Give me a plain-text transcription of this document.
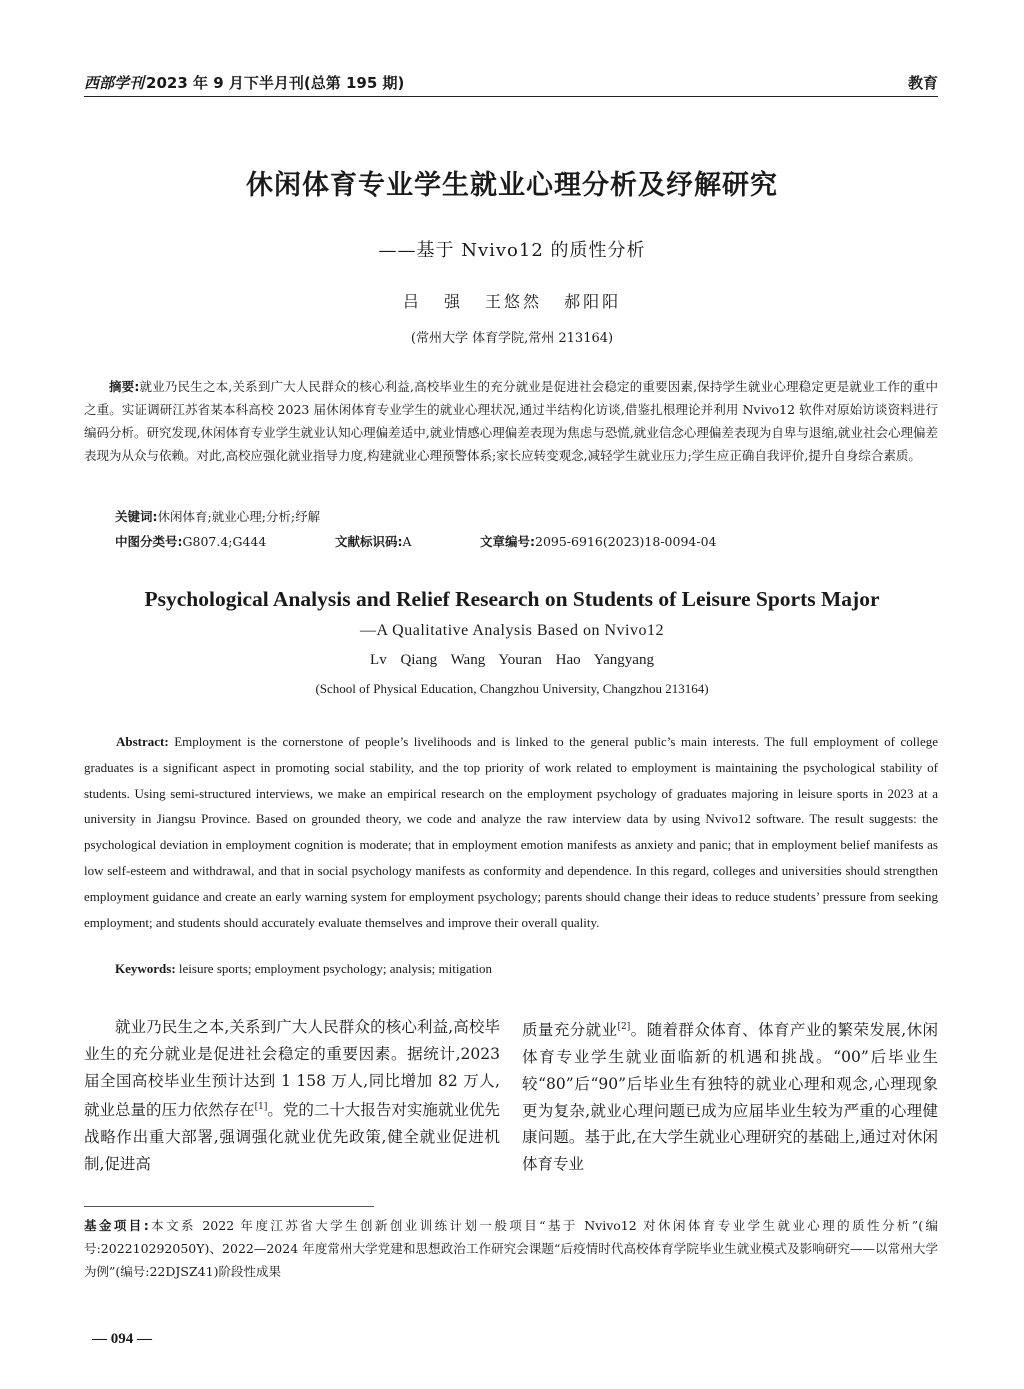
西部学刊 2023 年 9 月下半月刊(总第 195 期)	教育
休闲体育专业学生就业心理分析及纾解研究
——基于 Nvivo12 的质性分析
吕 强 王悠然 郝阳阳
(常州大学 体育学院,常州 213164)
摘要:就业乃民生之本,关系到广大人民群众的核心利益,高校毕业生的充分就业是促进社会稳定的重要因素,保持学生就业心理稳定更是就业工作的重中之重。实证调研江苏省某本科高校 2023 届休闲体育专业学生的就业心理状况,通过半结构化访谈,借鉴扎根理论并利用 Nvivo12 软件对原始访谈资料进行编码分析。研究发现,休闲体育专业学生就业认知心理偏差适中,就业情感心理偏差表现为焦虑与恐慌,就业信念心理偏差表现为自卑与退缩,就业社会心理偏差表现为从众与依赖。对此,高校应强化就业指导力度,构建就业心理预警体系;家长应转变观念,减轻学生就业压力;学生应正确自我评价,提升自身综合素质。
关键词:休闲体育;就业心理;分析;纾解
中图分类号:G807.4;G444	文献标识码:A	文章编号:2095-6916(2023)18-0094-04
Psychological Analysis and Relief Research on Students of Leisure Sports Major
—A Qualitative Analysis Based on Nvivo12
Lv Qiang Wang Youran Hao Yangyang
(School of Physical Education, Changzhou University, Changzhou 213164)
Abstract: Employment is the cornerstone of people’s livelihoods and is linked to the general public’s main interests. The full employment of college graduates is a significant aspect in promoting social stability, and the top priority of work related to employment is maintaining the psychological stability of students. Using semi-structured interviews, we make an empirical research on the employment psychology of graduates majoring in leisure sports in 2023 at a university in Jiangsu Province. Based on grounded theory, we code and analyze the raw interview data by using Nvivo12 software. The result suggests: the psychological deviation in employment cognition is moderate; that in employment emotion manifests as anxiety and panic; that in employment belief manifests as low self-esteem and withdrawal, and that in social psychology manifests as conformity and dependence. In this regard, colleges and universities should strengthen employment guidance and create an early warning system for employment psychology; parents should change their ideas to reduce students’ pressure from seeking employment; and students should accurately evaluate themselves and improve their overall quality.
Keywords: leisure sports; employment psychology; analysis; mitigation
就业乃民生之本,关系到广大人民群众的核心利益,高校毕业生的充分就业是促进社会稳定的重要因素。据统计,2023 届全国高校毕业生预计达到 1 158 万人,同比增加 82 万人,就业总量的压力依然存在[1]。党的二十大报告对实施就业优先战略作出重大部署,强调强化就业优先政策,健全就业促进机制,促进高
质量充分就业[2]。随着群众体育、体育产业的繁荣发展,休闲体育专业学生就业面临新的机遇和挑战。“00”后毕业生较“80”后“90”后毕业生有独特的就业心理和观念,心理现象更为复杂,就业心理问题已成为应届毕业生较为严重的心理健康问题。基于此,在大学生就业心理研究的基础上,通过对休闲体育专业
基金项目:本文系 2022 年度江苏省大学生创新创业训练计划一般项目“基于 Nvivo12 对休闲体育专业学生就业心理的质性分析”(编号:202210292050Y)、2022—2024 年度常州大学党建和思想政治工作研究会课题“后疫情时代高校体育学院毕业生就业模式及影响研究——以常州大学为例”(编号:22DJSZ41)阶段性成果
— 094 —
